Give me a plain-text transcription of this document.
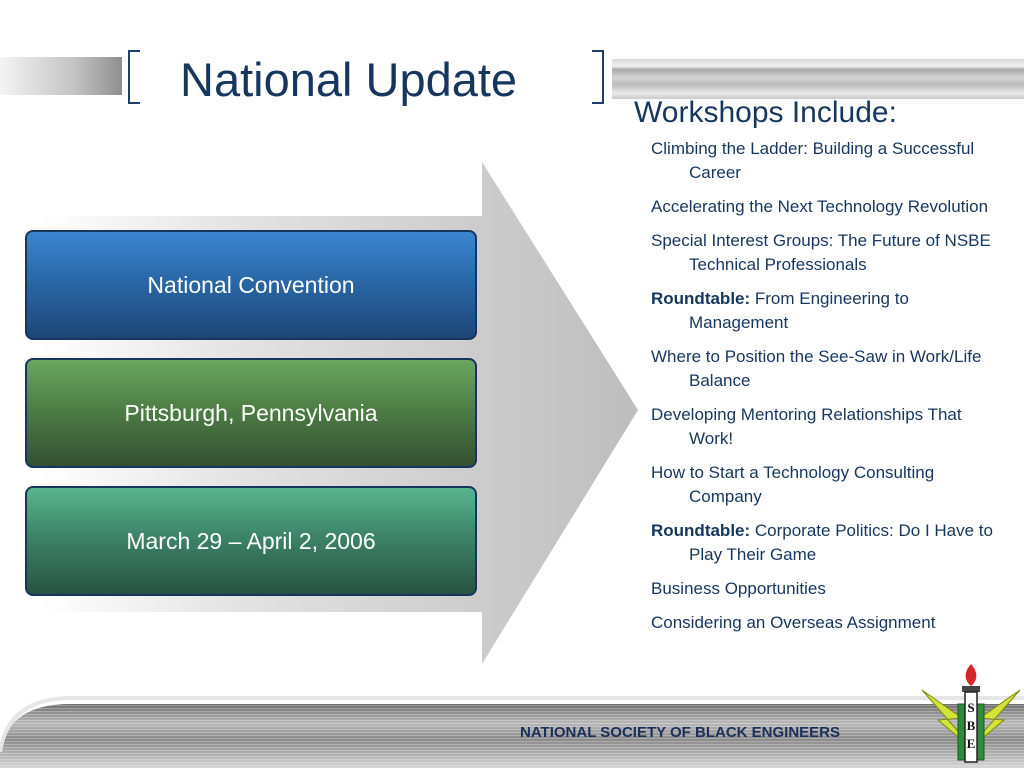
National Update
National Convention
Pittsburgh, Pennsylvania
March 29 – April 2, 2006
Workshops Include:
Climbing the Ladder: Building a Successful Career
Accelerating the Next Technology Revolution
Special Interest Groups: The Future of NSBE Technical Professionals
Roundtable: From Engineering to Management
Where to Position the See-Saw in Work/Life Balance
Developing Mentoring Relationships That Work!
How to Start a Technology Consulting Company
Roundtable: Corporate Politics: Do I Have to Play Their Game
Business Opportunities
Considering an Overseas Assignment
NATIONAL SOCIETY OF BLACK ENGINEERS
S
B
E
